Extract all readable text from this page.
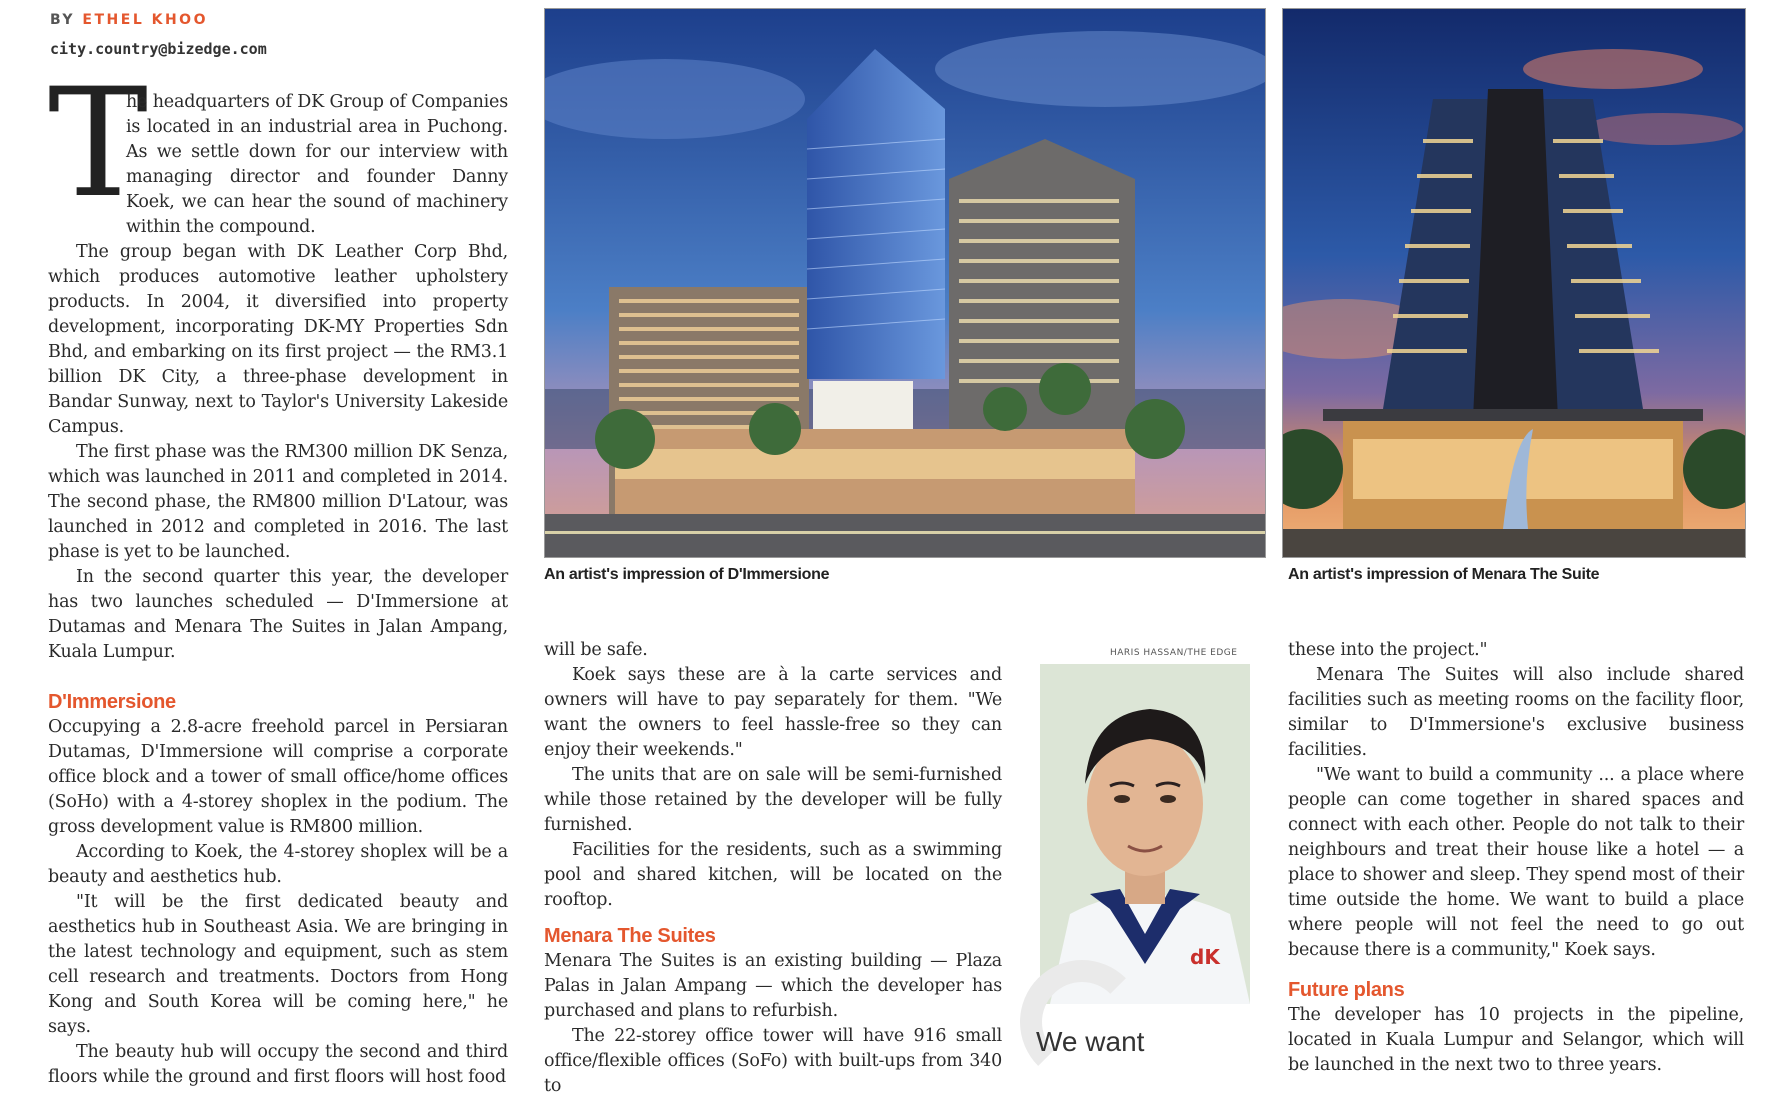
BY ETHEL KHOO
city.country@bizedge.com
T

he headquarters of DK Group of Companies is located in an industrial area in Puchong. As we settle down for our interview with managing director and founder Danny Koek, we can hear the sound of machinery within the compound.

The group began with DK Leather Corp Bhd, which produces automotive leather upholstery products. In 2004, it diversified into property development, incorporating DK-MY Properties Sdn Bhd, and embarking on its first project — the RM3.1 billion DK City, a three-phase development in Bandar Sunway, next to Taylor's University Lakeside Campus.

The first phase was the RM300 million DK Senza, which was launched in 2011 and completed in 2014. The second phase, the RM800 million D'Latour, was launched in 2012 and completed in 2016. The last phase is yet to be launched.

In the second quarter this year, the developer has two launches scheduled — D'Immersione at Dutamas and Menara The Suites in Jalan Ampang, Kuala Lumpur.

D'Immersione

Occupying a 2.8-acre freehold parcel in Persiaran Dutamas, D'Immersione will comprise a corporate office block and a tower of small office/home offices (SoHo) with a 4-storey shoplex in the podium. The gross development value is RM800 million.

According to Koek, the 4-storey shoplex will be a beauty and aesthetics hub.

"It will be the first dedicated beauty and aesthetics hub in Southeast Asia. We are bringing in the latest technology and equipment, such as stem cell research and treatments. Doctors from Hong Kong and South Korea will be coming here," he says.

The beauty hub will occupy the second and third floors while the ground and first floors will host food

An artist's impression of D'Immersione	An artist's impression of Menara The Suite

will be safe.

Koek says these are à la carte services and owners will have to pay separately for them. "We want the owners to feel hassle-free so they can enjoy their weekends."

The units that are on sale will be semi-furnished while those retained by the developer will be fully furnished.

Facilities for the residents, such as a swimming pool and shared kitchen, will be located on the rooftop.

Menara The Suites

Menara The Suites is an existing building — Plaza Palas in Jalan Ampang — which the developer has purchased and plans to refurbish.

The 22-storey office tower will have 916 small office/flexible offices (SoFo) with built-ups from 340 to

HARIS HASSAN/THE EDGE
dK
We want

these into the project."

Menara The Suites will also include shared facilities such as meeting rooms on the facility floor, similar to D'Immersione's exclusive business facilities.

"We want to build a community ... a place where people can come together in shared spaces and connect with each other. People do not talk to their neighbours and treat their house like a hotel — a place to shower and sleep. They spend most of their time outside the home. We want to build a place where people will not feel the need to go out because there is a community," Koek says.

Future plans

The developer has 10 projects in the pipeline, located in Kuala Lumpur and Selangor, which will be launched in the next two to three years.
